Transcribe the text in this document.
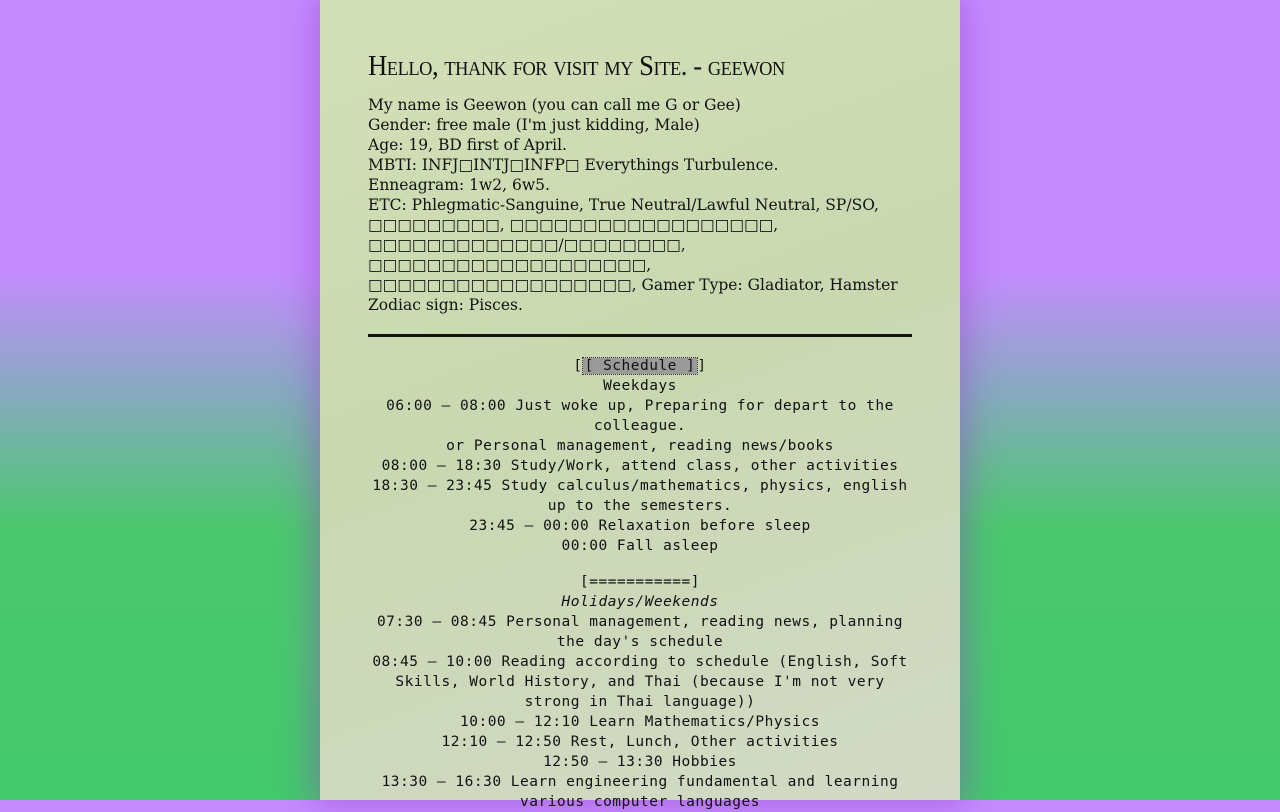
Hello, thank for visit my Site. - geewon
My name is Geewon (you can call me G or Gee)
Gender: free male (I'm just kidding, Male)
Age: 19, BD first of April.
MBTI: INFJ□INTJ□INFP□ Everythings Turbulence.
Enneagram: 1w2, 6w5.
ETC: Phlegmatic-Sanguine, True Neutral/Lawful Neutral, SP/SO, □□□□□□□□□, □□□□□□□□□□□□□□□□□□, □□□□□□□□□□□□□/□□□□□□□□, □□□□□□□□□□□□□□□□□□□, □□□□□□□□□□□□□□□□□□, Gamer Type: Gladiator, Hamster
Zodiac sign: Pisces.
[ [ Schedule ] ]
Weekdays
06:00 – 08:00 Just woke up, Preparing for depart to the colleague.
or Personal management, reading news/books
08:00 – 18:30 Study/Work, attend class, other activities
18:30 – 23:45 Study calculus/mathematics, physics, english up to the semesters.
23:45 – 00:00 Relaxation before sleep
00:00 Fall asleep
[===========]
Holidays/Weekends
07:30 – 08:45 Personal management, reading news, planning the day's schedule
08:45 – 10:00 Reading according to schedule (English, Soft Skills, World History, and Thai (because I'm not very strong in Thai language))
10:00 – 12:10 Learn Mathematics/Physics
12:10 – 12:50 Rest, Lunch, Other activities
12:50 – 13:30 Hobbies
13:30 – 16:30 Learn engineering fundamental and learning various computer languages
